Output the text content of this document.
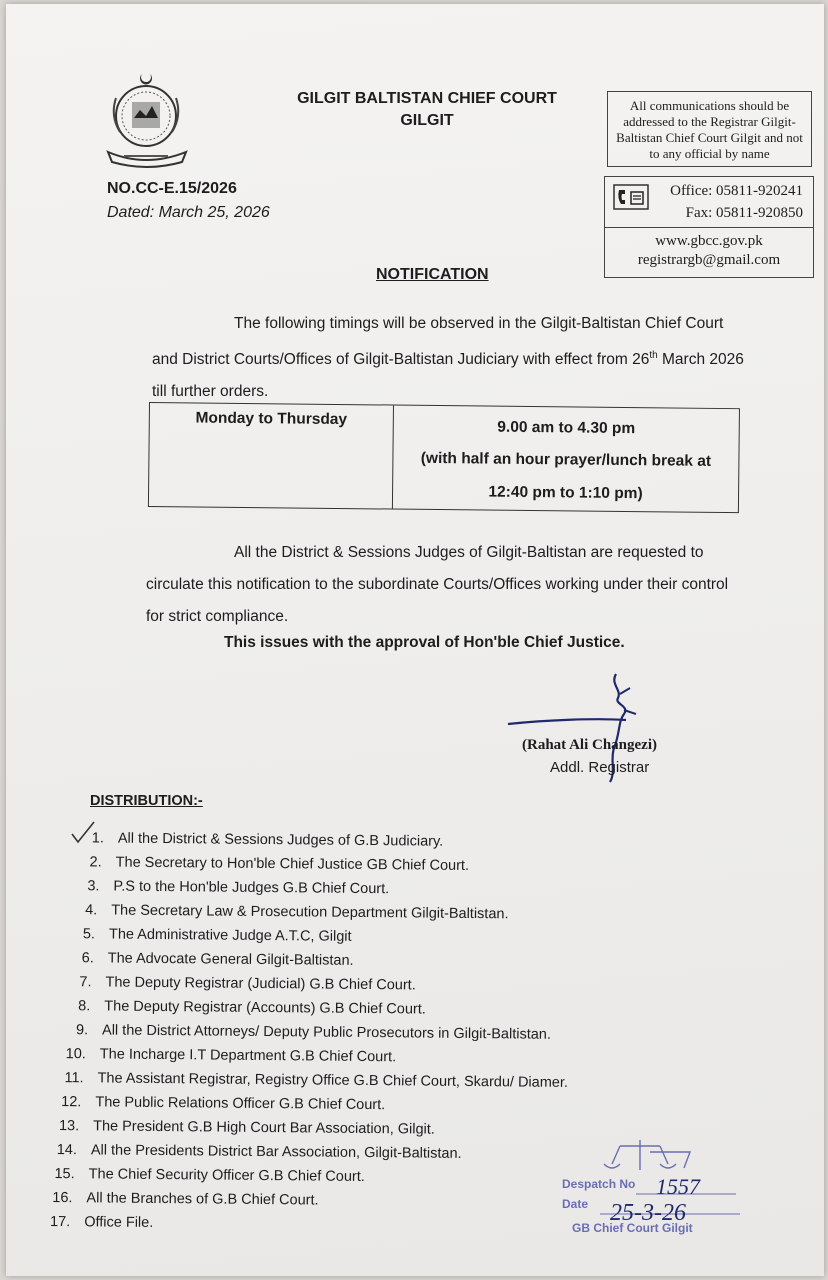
GILGIT BALTISTAN CHIEF COURT
GILGIT
All communications should be addressed to the Registrar Gilgit-Baltistan Chief Court Gilgit and not to any official by name
Office: 05811-920241
Fax: 05811-920850
www.gbcc.gov.pk
registrargb@gmail.com
NO.CC-E.15/2026
Dated: March 25, 2026
NOTIFICATION
The following timings will be observed in the Gilgit-Baltistan Chief Court and District Courts/Offices of Gilgit-Baltistan Judiciary with effect from 26th March 2026 till further orders.
Monday to Thursday	9.00 am to 4.30 pm
(with half an hour prayer/lunch break at
12:40 pm to 1:10 pm)
All the District & Sessions Judges of Gilgit-Baltistan are requested to circulate this notification to the subordinate Courts/Offices working under their control for strict compliance.
This issues with the approval of Hon'ble Chief Justice.
(Rahat Ali Changezi)
Addl. Registrar
DISTRIBUTION:-
1. All the District & Sessions Judges of G.B Judiciary.
2. The Secretary to Hon'ble Chief Justice GB Chief Court.
3. P.S to the Hon'ble Judges G.B Chief Court.
4. The Secretary Law & Prosecution Department Gilgit-Baltistan.
5. The Administrative Judge A.T.C, Gilgit
6. The Advocate General Gilgit-Baltistan.
7. The Deputy Registrar (Judicial) G.B Chief Court.
8. The Deputy Registrar (Accounts) G.B Chief Court.
9. All the District Attorneys/ Deputy Public Prosecutors in Gilgit-Baltistan.
10. The Incharge I.T Department G.B Chief Court.
11. The Assistant Registrar, Registry Office G.B Chief Court, Skardu/ Diamer.
12. The Public Relations Officer G.B Chief Court.
13. The President G.B High Court Bar Association, Gilgit.
14. All the Presidents District Bar Association, Gilgit-Baltistan.
15. The Chief Security Officer G.B Chief Court.
16. All the Branches of G.B Chief Court.
17. Office File.
Despatch No
Date
GB Chief Court Gilgit
1557
25-3-26
